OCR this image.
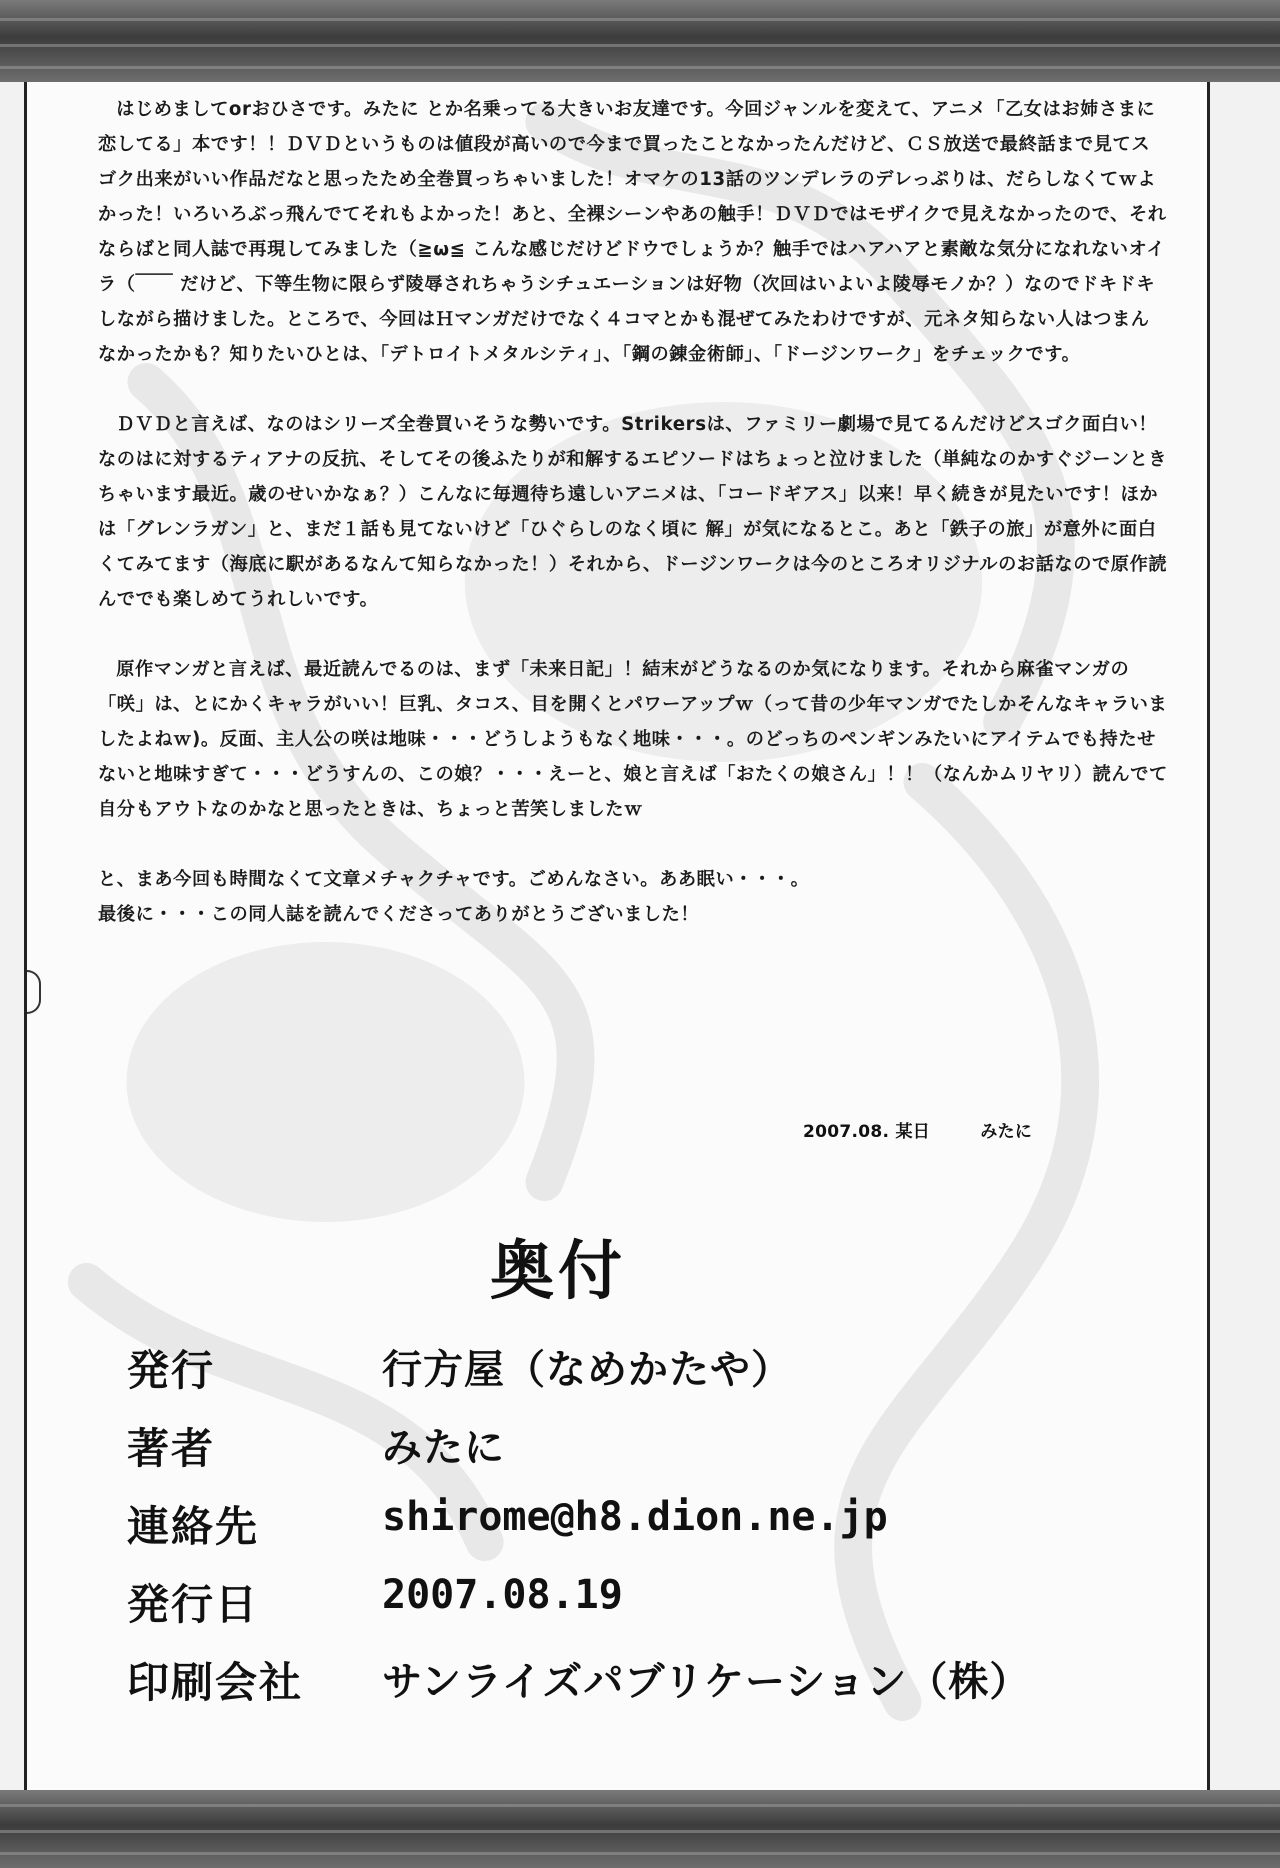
はじめましてorおひさです。みたに とか名乗ってる大きいお友達です。今回ジャンルを変えて、アニメ「乙女はお姉さまに恋してる」本です！！ＤＶＤというものは値段が高いので今まで買ったことなかったんだけど、ＣＳ放送で最終話まで見てスゴク出来がいい作品だなと思ったため全巻買っちゃいました！オマケの13話のツンデレラのデレっぷりは、だらしなくてｗよかった！いろいろぶっ飛んでてそれもよかった！あと、全裸シーンやあの触手！ＤＶＤではモザイクで見えなかったので、それならばと同人誌で再現してみました（≧ω≦ こんな感じだけどドウでしょうか？触手ではハアハアと素敵な気分になれないオイラ（￣￣ だけど、下等生物に限らず陵辱されちゃうシチュエーションは好物（次回はいよいよ陵辱モノか？）なのでドキドキしながら描けました。ところで、今回はＨマンガだけでなく４コマとかも混ぜてみたわけですが、元ネタ知らない人はつまんなかったかも？知りたいひとは、「デトロイトメタルシティ」、「鋼の錬金術師」、「ドージンワーク」をチェックです。

ＤＶＤと言えば、なのはシリーズ全巻買いそうな勢いです。Strikersは、ファミリー劇場で見てるんだけどスゴク面白い！なのはに対するティアナの反抗、そしてその後ふたりが和解するエピソードはちょっと泣けました（単純なのかすぐジーンときちゃいます最近。歳のせいかなぁ？）こんなに毎週待ち遠しいアニメは、「コードギアス」以来！早く続きが見たいです！ほかは「グレンラガン」と、まだ１話も見てないけど「ひぐらしのなく頃に 解」が気になるとこ。あと「鉄子の旅」が意外に面白くてみてます（海底に駅があるなんて知らなかった！）それから、ドージンワークは今のところオリジナルのお話なので原作読んででも楽しめてうれしいです。

原作マンガと言えば、最近読んでるのは、まず「未来日記」！結末がどうなるのか気になります。それから麻雀マンガの「咲」は、とにかくキャラがいい！巨乳、タコス、目を開くとパワーアップｗ（って昔の少年マンガでたしかそんなキャラいましたよねｗ)。反面、主人公の咲は地味・・・どうしようもなく地味・・・。のどっちのペンギンみたいにアイテムでも持たせないと地味すぎて・・・どうすんの、この娘？・・・えーと、娘と言えば「おたくの娘さん」！！（なんかムリヤリ）読んでて自分もアウトなのかなと思ったときは、ちょっと苦笑しましたｗ

と、まあ今回も時間なくて文章メチャクチャです。ごめんなさい。ああ眠い・・・。

最後に・・・この同人誌を読んでくださってありがとうございました！

2007.08. 某日	みたに
奥付
発行	行方屋（なめかたや）
著者	みたに
連絡先	shirome@h8.dion.ne.jp
発行日	2007.08.19
印刷会社 サンライズパブリケーション（株）
